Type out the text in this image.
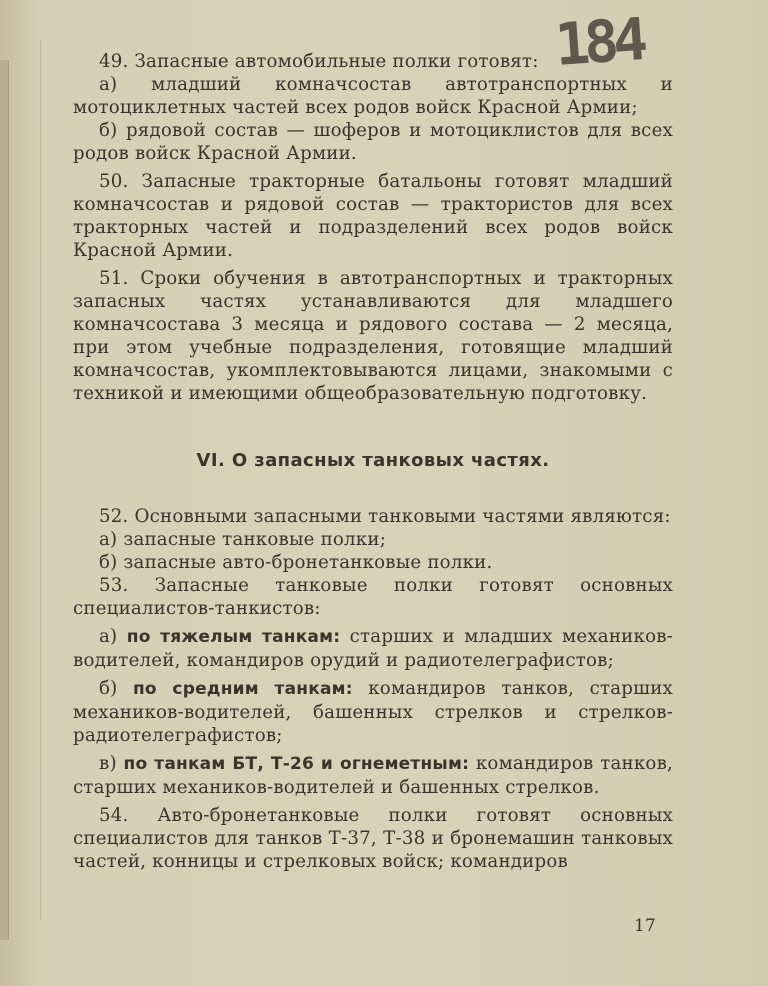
184

49. Запасные автомобильные полки готовят:

а) младший комначсостав автотранспортных и мотоциклетных частей всех родов войск Красной Армии;

б) рядовой состав — шоферов и мотоциклистов для всех родов войск Красной Армии.

50. Запасные тракторные батальоны готовят младший комначсостав и рядовой состав — трактористов для всех тракторных частей и подразделений всех родов войск Красной Армии.

51. Сроки обучения в автотранспортных и тракторных запасных частях устанавливаются для младшего комначсостава 3 месяца и рядового состава — 2 месяца, при этом учебные подразделения, готовящие младший комначсостав, укомплектовываются лицами, знакомыми с техникой и имеющими общеобразовательную подготовку.

VI. О запасных танковых частях.

52. Основными запасными танковыми частями являются:

а) запасные танковые полки;

б) запасные авто-бронетанковые полки.

53. Запасные танковые полки готовят основных специалистов-танкистов:

а) по тяжелым танкам: старших и младших механиков-водителей, командиров орудий и радиотелеграфистов;

б) по средним танкам: командиров танков, старших механиков-водителей, башенных стрелков и стрелков-радиотелеграфистов;

в) по танкам БТ, Т-26 и огнеметным: командиров танков, старших механиков-водителей и башенных стрелков.

54. Авто-бронетанковые полки готовят основных специалистов для танков Т-37, Т-38 и бронемашин танковых частей, конницы и стрелковых войск; командиров

17
